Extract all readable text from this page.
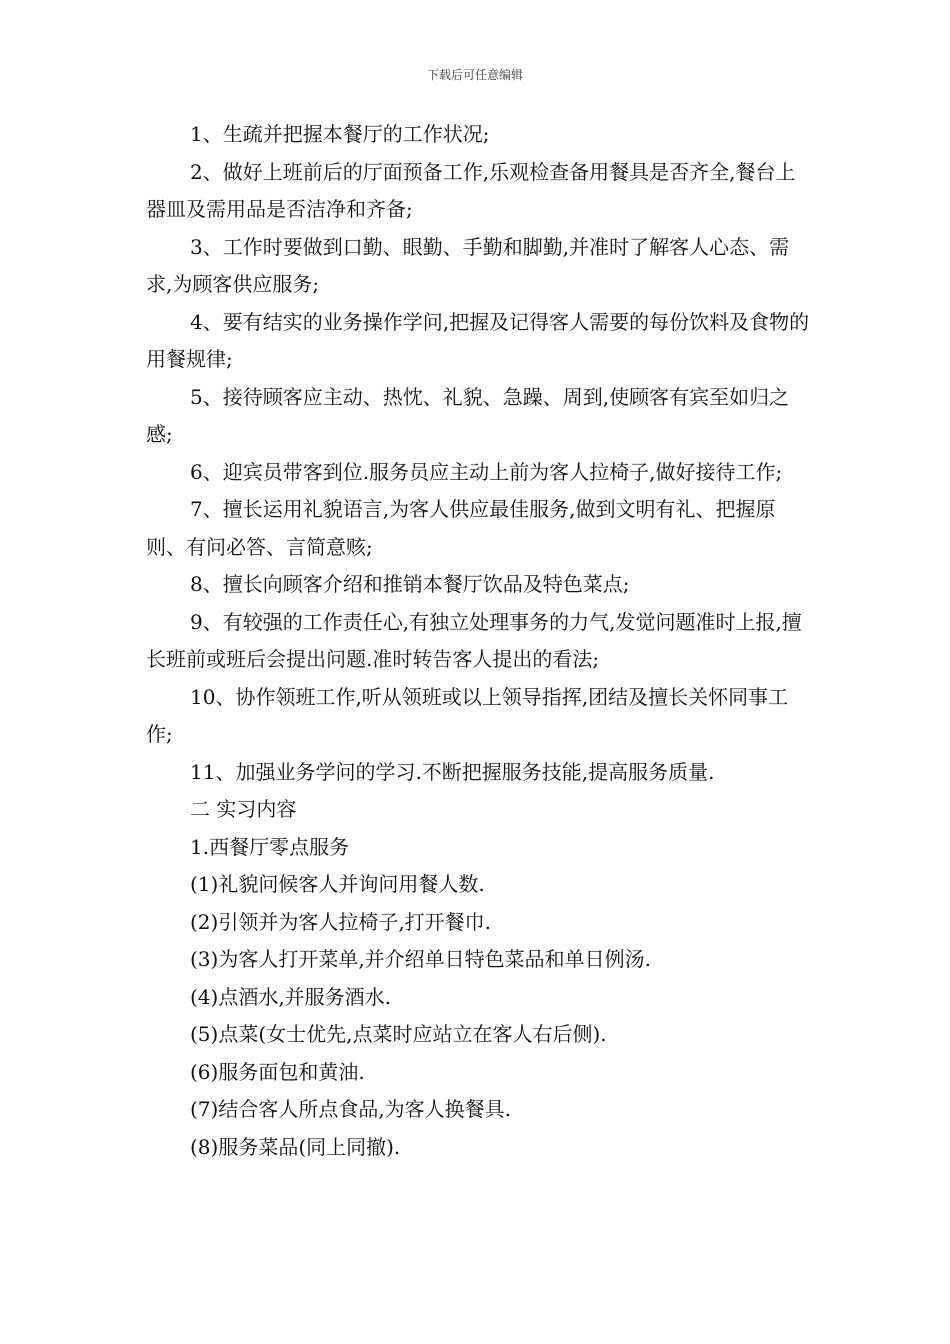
下载后可任意编辑

1、生疏并把握本餐厅的工作状况;

2、做好上班前后的厅面预备工作,乐观检查备用餐具是否齐全,餐台上器皿及需用品是否洁净和齐备;

3、工作时要做到口勤、眼勤、手勤和脚勤,并准时了解客人心态、需求,为顾客供应服务;

4、要有结实的业务操作学问,把握及记得客人需要的每份饮料及食物的用餐规律;

5、接待顾客应主动、热忱、礼貌、急躁、周到,使顾客有宾至如归之感;

6、迎宾员带客到位.服务员应主动上前为客人拉椅子,做好接待工作;

7、擅长运用礼貌语言,为客人供应最佳服务,做到文明有礼、把握原则、有问必答、言简意赅;

8、擅长向顾客介绍和推销本餐厅饮品及特色菜点;

9、有较强的工作责任心,有独立处理事务的力气,发觉问题准时上报,擅长班前或班后会提出问题.准时转告客人提出的看法;

10、协作领班工作,听从领班或以上领导指挥,团结及擅长关怀同事工作;

11、加强业务学问的学习.不断把握服务技能,提高服务质量.

二 实习内容

1.西餐厅零点服务

(1)礼貌问候客人并询问用餐人数.

(2)引领并为客人拉椅子,打开餐巾.

(3)为客人打开菜单,并介绍单日特色菜品和单日例汤.

(4)点酒水,并服务酒水.

(5)点菜(女士优先,点菜时应站立在客人右后侧).

(6)服务面包和黄油.

(7)结合客人所点食品,为客人换餐具.

(8)服务菜品(同上同撤).
